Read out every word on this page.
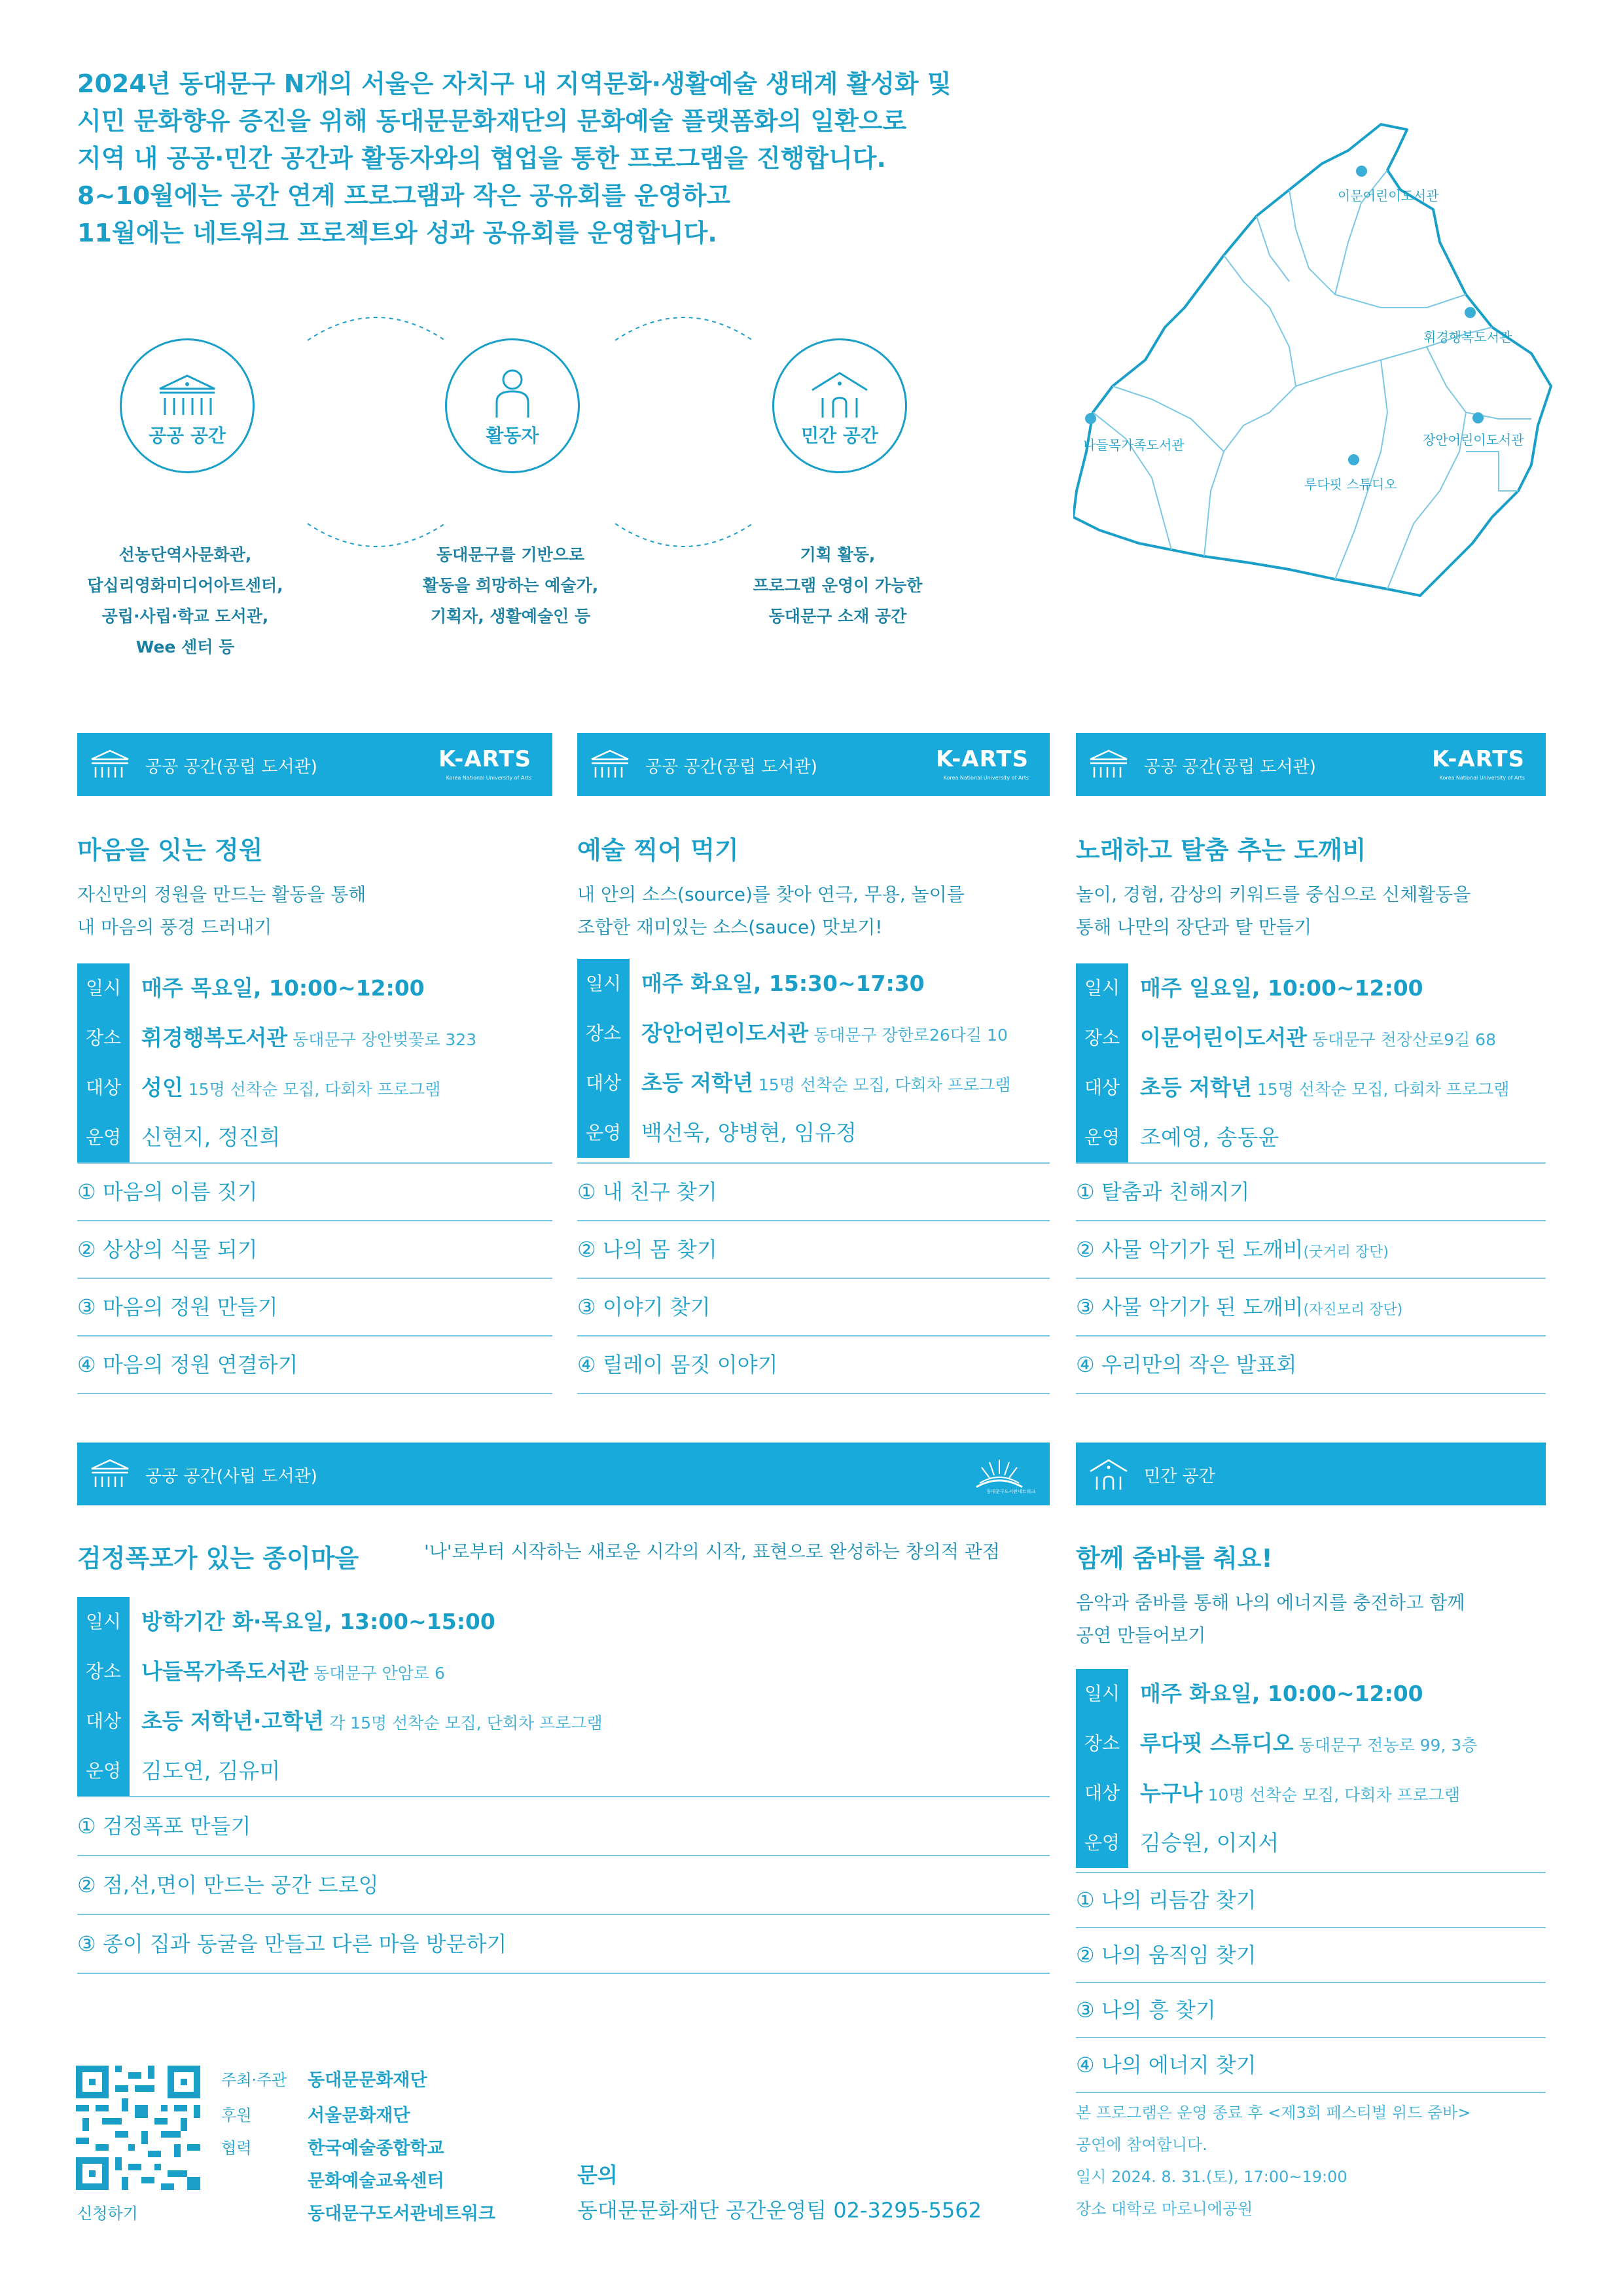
2024년 동대문구 N개의 서울은 자치구 내 지역문화·생활예술 생태계 활성화 및
시민 문화향유 증진을 위해 동대문문화재단의 문화예술 플랫폼화의 일환으로
지역 내 공공·민간 공간과 활동자와의 협업을 통한 프로그램을 진행합니다.
8~10월에는 공간 연계 프로그램과 작은 공유회를 운영하고
11월에는 네트워크 프로젝트와 성과 공유회를 운영합니다.
공공 공간	활동자	민간 공간
선농단역사문화관,
답십리영화미디어아트센터,
공립·사립·학교 도서관,
Wee 센터 등
동대문구를 기반으로
활동을 희망하는 예술가,
기획자, 생활예술인 등
기획 활동,
프로그램 운영이 가능한
동대문구 소재 공간
이문어린이도서관
휘경행복도서관
나들목가족도서관	장안어린이도서관
루다핏 스튜디오
공공 공간(공립 도서관)	K-ARTS
Korea National University of Arts
마음을 잇는 정원
자신만의 정원을 만드는 활동을 통해
내 마음의 풍경 드러내기
일시 매주 목요일, 10:00~12:00
장소 휘경행복도서관 동대문구 장안벚꽃로 323
대상 성인 15명 선착순 모집, 다회차 프로그램
운영 신현지, 정진희
① 마음의 이름 짓기
② 상상의 식물 되기
③ 마음의 정원 만들기
④ 마음의 정원 연결하기
공공 공간(공립 도서관)	K-ARTS
Korea National University of Arts
예술 찍어 먹기
내 안의 소스(source)를 찾아 연극, 무용, 놀이를
조합한 재미있는 소스(sauce) 맛보기!
일시 매주 화요일, 15:30~17:30
장소 장안어린이도서관 동대문구 장한로26다길 10
대상 초등 저학년 15명 선착순 모집, 다회차 프로그램
운영 백선욱, 양병현, 임유정
① 내 친구 찾기
② 나의 몸 찾기
③ 이야기 찾기
④ 릴레이 몸짓 이야기
공공 공간(공립 도서관)	K-ARTS
Korea National University of Arts
노래하고 탈춤 추는 도깨비
놀이, 경험, 감상의 키워드를 중심으로 신체활동을
통해 나만의 장단과 탈 만들기
일시 매주 일요일, 10:00~12:00
장소 이문어린이도서관 동대문구 천장산로9길 68
대상 초등 저학년 15명 선착순 모집, 다회차 프로그램
운영 조예영, 송동윤
① 탈춤과 친해지기
② 사물 악기가 된 도깨비(굿거리 장단)
③ 사물 악기가 된 도깨비(자진모리 장단)
④ 우리만의 작은 발표회
공공 공간(사립 도서관)
동대문구도서관네트워크
검정폭포가 있는 종이마을	'나'로부터 시작하는 새로운 시각의 시작, 표현으로 완성하는 창의적 관점
일시 방학기간 화·목요일, 13:00~15:00
장소 나들목가족도서관 동대문구 안암로 6
대상 초등 저학년·고학년 각 15명 선착순 모집, 단회차 프로그램
운영 김도연, 김유미
① 검정폭포 만들기
② 점,선,면이 만드는 공간 드로잉
③ 종이 집과 동굴을 만들고 다른 마을 방문하기
민간 공간
함께 줌바를 춰요!
음악과 줌바를 통해 나의 에너지를 충전하고 함께
공연 만들어보기
일시 매주 화요일, 10:00~12:00
장소 루다핏 스튜디오 동대문구 전농로 99, 3층
대상 누구나 10명 선착순 모집, 다회차 프로그램
운영 김승원, 이지서
① 나의 리듬감 찾기
② 나의 움직임 찾기
③ 나의 흥 찾기
④ 나의 에너지 찾기
본 프로그램은 운영 종료 후 <제3회 페스티벌 위드 줌바>
공연에 참여합니다.
일시 2024. 8. 31.(토), 17:00~19:00
장소 대학로 마로니에공원
신청하기
주최·주관 동대문문화재단
후원	서울문화재단
협력	한국예술종합학교
문화예술교육센터
동대문구도서관네트워크
문의
동대문문화재단 공간운영팀 02-3295-5562
